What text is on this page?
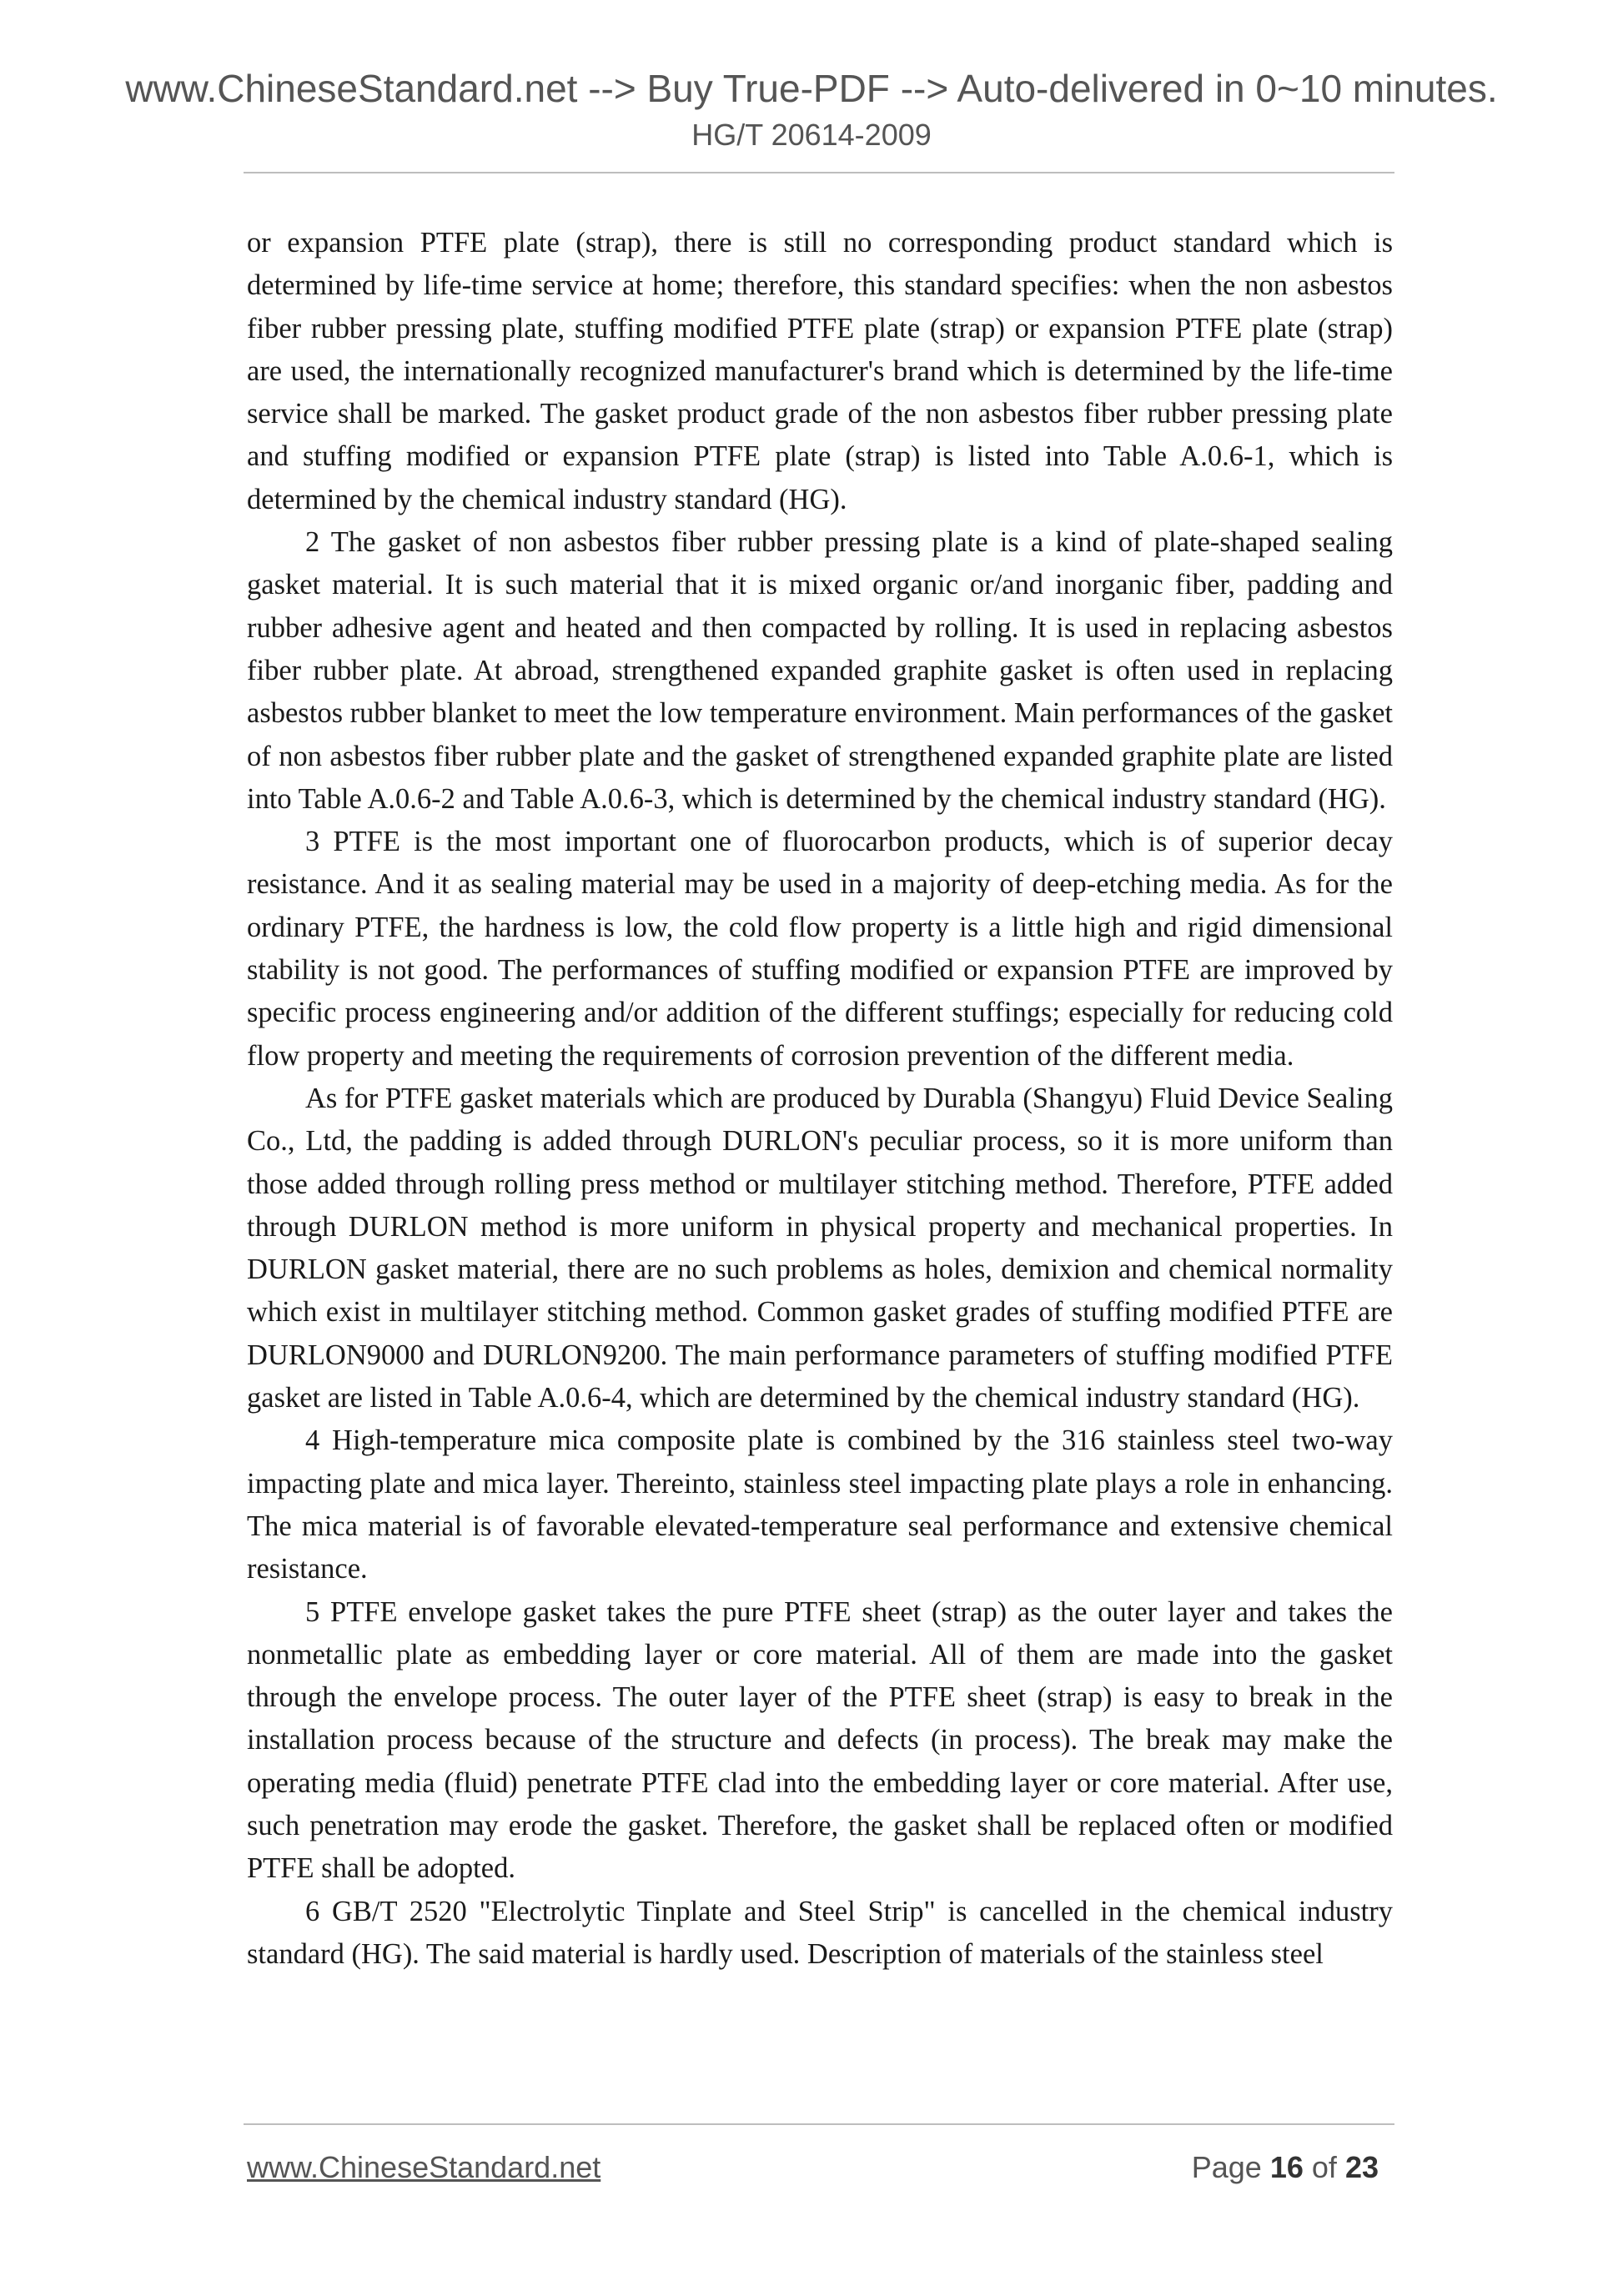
www.ChineseStandard.net --> Buy True-PDF --> Auto-delivered in 0~10 minutes.
HG/T 20614-2009

or expansion PTFE plate (strap), there is still no corresponding product standard which is determined by life-time service at home; therefore, this standard specifies: when the non asbestos fiber rubber pressing plate, stuffing modified PTFE plate (strap) or expansion PTFE plate (strap) are used, the internationally recognized manufacturer's brand which is determined by the life-time service shall be marked. The gasket product grade of the non asbestos fiber rubber pressing plate and stuffing modified or expansion PTFE plate (strap) is listed into Table A.0.6-1, which is determined by the chemical industry standard (HG).

2 The gasket of non asbestos fiber rubber pressing plate is a kind of plate-shaped sealing gasket material. It is such material that it is mixed organic or/and inorganic fiber, padding and rubber adhesive agent and heated and then compacted by rolling. It is used in replacing asbestos fiber rubber plate. At abroad, strengthened expanded graphite gasket is often used in replacing asbestos rubber blanket to meet the low temperature environment. Main performances of the gasket of non asbestos fiber rubber plate and the gasket of strengthened expanded graphite plate are listed into Table A.0.6-2 and Table A.0.6-3, which is determined by the chemical industry standard (HG).

3 PTFE is the most important one of fluorocarbon products, which is of superior decay resistance. And it as sealing material may be used in a majority of deep-etching media. As for the ordinary PTFE, the hardness is low, the cold flow property is a little high and rigid dimensional stability is not good. The performances of stuffing modified or expansion PTFE are improved by specific process engineering and/or addition of the different stuffings; especially for reducing cold flow property and meeting the requirements of corrosion prevention of the different media.

As for PTFE gasket materials which are produced by Durabla (Shangyu) Fluid Device Sealing Co., Ltd, the padding is added through DURLON's peculiar process, so it is more uniform than those added through rolling press method or multilayer stitching method. Therefore, PTFE added through DURLON method is more uniform in physical property and mechanical properties. In DURLON gasket material, there are no such problems as holes, demixion and chemical normality which exist in multilayer stitching method. Common gasket grades of stuffing modified PTFE are DURLON9000 and DURLON9200. The main performance parameters of stuffing modified PTFE gasket are listed in Table A.0.6-4, which are determined by the chemical industry standard (HG).

4 High-temperature mica composite plate is combined by the 316 stainless steel two-way impacting plate and mica layer. Thereinto, stainless steel impacting plate plays a role in enhancing. The mica material is of favorable elevated-temperature seal performance and extensive chemical resistance.

5 PTFE envelope gasket takes the pure PTFE sheet (strap) as the outer layer and takes the nonmetallic plate as embedding layer or core material. All of them are made into the gasket through the envelope process. The outer layer of the PTFE sheet (strap) is easy to break in the installation process because of the structure and defects (in process). The break may make the operating media (fluid) penetrate PTFE clad into the embedding layer or core material. After use, such penetration may erode the gasket. Therefore, the gasket shall be replaced often or modified PTFE shall be adopted.

6 GB/T 2520 "Electrolytic Tinplate and Steel Strip" is cancelled in the chemical industry standard (HG). The said material is hardly used. Description of materials of the stainless steel

www.ChineseStandard.net	Page 16 of 23
